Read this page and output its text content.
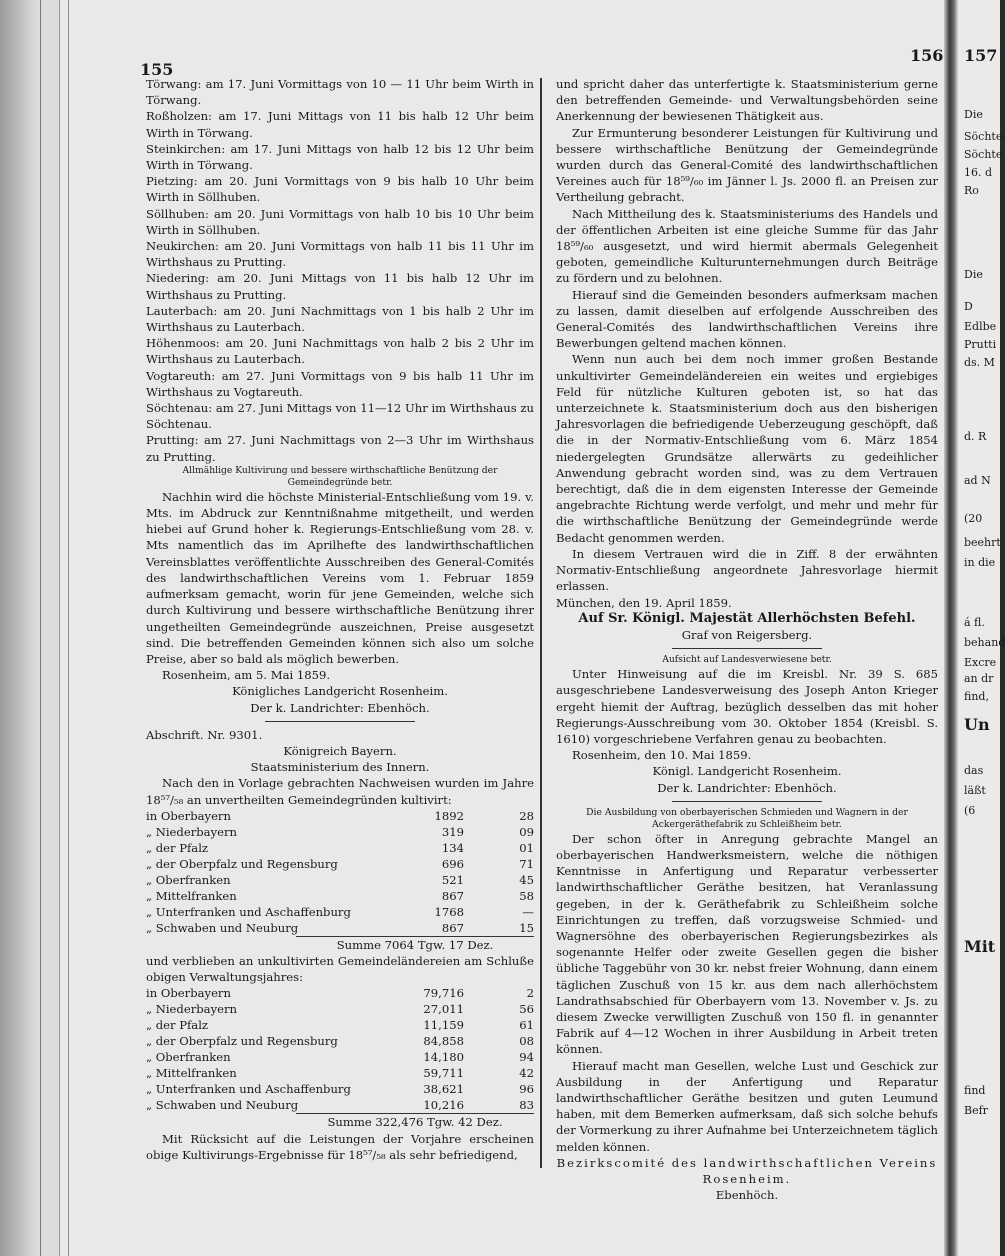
155
156

Törwang: am 17. Juni Vormittags von 10 — 11 Uhr beim Wirth in Törwang.

Roßholzen: am 17. Juni Mittags von 11 bis halb 12 Uhr beim Wirth in Törwang.

Steinkirchen: am 17. Juni Mittags von halb 12 bis 12 Uhr beim Wirth in Törwang.

Pietzing: am 20. Juni Vormittags von 9 bis halb 10 Uhr beim Wirth in Söllhuben.

Söllhuben: am 20. Juni Vormittags von halb 10 bis 10 Uhr beim Wirth in Söllhuben.

Neukirchen: am 20. Juni Vormittags von halb 11 bis 11 Uhr im Wirthshaus zu Prutting.

Niedering: am 20. Juni Mittags von 11 bis halb 12 Uhr im Wirthshaus zu Prutting.

Lauterbach: am 20. Juni Nachmittags von 1 bis halb 2 Uhr im Wirthshaus zu Lauterbach.

Höhenmoos: am 20. Juni Nachmittags von halb 2 bis 2 Uhr im Wirthshaus zu Lauterbach.

Vogtareuth: am 27. Juni Vormittags von 9 bis halb 11 Uhr im Wirthshaus zu Vogtareuth.

Söchtenau: am 27. Juni Mittags von 11—12 Uhr im Wirthshaus zu Söchtenau.

Prutting: am 27. Juni Nachmittags von 2—3 Uhr im Wirthshaus zu Prutting.

Allmählige Kultivirung und bessere wirthschaftliche Benützung der Gemeindegründe betr.

Nachhin wird die höchste Ministerial-Entschließung vom 19. v. Mts. im Abdruck zur Kenntnißnahme mitgetheilt, und werden hiebei auf Grund hoher k. Regierungs-Entschließung vom 28. v. Mts namentlich das im Aprilhefte des landwirthschaftlichen Vereinsblattes veröffentlichte Ausschreiben des General-Comités des landwirthschaftlichen Vereins vom 1. Februar 1859 aufmerksam gemacht, worin für jene Gemeinden, welche sich durch Kultivirung und bessere wirthschaftliche Benützung ihrer ungetheilten Gemeindegründe auszeichnen, Preise ausgesetzt sind. Die betreffenden Gemeinden können sich also um solche Preise, aber so bald als möglich bewerben.

Rosenheim, am 5. Mai 1859.

Königliches Landgericht Rosenheim.

Der k. Landrichter: Ebenhöch.

Abschrift. Nr. 9301.

Königreich Bayern.

Staatsministerium des Innern.

Nach den in Vorlage gebrachten Nachweisen wurden im Jahre 18⁵⁷/₅₈ an unvertheilten Gemeindegründen kultivirt:

in Oberbayern	1892	28
„ Niederbayern	319	09
„ der Pfalz	134	01
„ der Oberpfalz und Regensburg	696	71
„ Oberfranken	521	45
„ Mittelfranken	867	58
„ Unterfranken und Aschaffenburg	1768	—
„ Schwaben und Neuburg	867	15

Summe 7064 Tgw. 17 Dez.

und verblieben an unkultivirten Gemeindeländereien am Schluße obigen Verwaltungsjahres:

in Oberbayern	79,716	2
„ Niederbayern	27,011	56
„ der Pfalz	11,159	61
„ der Oberpfalz und Regensburg	84,858	08
„ Oberfranken	14,180	94
„ Mittelfranken	59,711	42
„ Unterfranken und Aschaffenburg	38,621	96
„ Schwaben und Neuburg	10,216	83

Summe 322,476 Tgw. 42 Dez.

Mit Rücksicht auf die Leistungen der Vorjahre erscheinen obige Kultivirungs-Ergebnisse für 18⁵⁷/₅₈ als sehr befriedigend,

und spricht daher das unterfertigte k. Staatsministerium gerne den betreffenden Gemeinde- und Verwaltungsbehörden seine Anerkennung der bewiesenen Thätigkeit aus.

Zur Ermunterung besonderer Leistungen für Kultivirung und bessere wirthschaftliche Benützung der Gemeindegründe wurden durch das General-Comité des landwirthschaftlichen Vereines auch für 18⁵⁹/₆₀ im Jänner l. Js. 2000 fl. an Preisen zur Vertheilung gebracht.

Nach Mittheilung des k. Staatsministeriums des Handels und der öffentlichen Arbeiten ist eine gleiche Summe für das Jahr 18⁵⁹/₆₀ ausgesetzt, und wird hiermit abermals Gelegenheit geboten, gemeindliche Kulturunternehmungen durch Beiträge zu fördern und zu belohnen.

Hierauf sind die Gemeinden besonders aufmerksam machen zu lassen, damit dieselben auf erfolgende Ausschreiben des General-Comités des landwirthschaftlichen Vereins ihre Bewerbungen geltend machen können.

Wenn nun auch bei dem noch immer großen Bestande unkultivirter Gemeindeländereien ein weites und ergiebiges Feld für nützliche Kulturen geboten ist, so hat das unterzeichnete k. Staatsministerium doch aus den bisherigen Jahresvorlagen die befriedigende Ueberzeugung geschöpft, daß die in der Normativ-Entschließung vom 6. März 1854 niedergelegten Grundsätze allerwärts zu gedeihlicher Anwendung gebracht worden sind, was zu dem Vertrauen berechtigt, daß die in dem eigensten Interesse der Gemeinde angebrachte Richtung werde verfolgt, und mehr und mehr für die wirthschaftliche Benützung der Gemeindegründe werde Bedacht genommen werden.

In diesem Vertrauen wird die in Ziff. 8 der erwähnten Normativ-Entschließung angeordnete Jahresvorlage hiermit erlassen.

München, den 19. April 1859.

Auf Sr. Königl. Majestät Allerhöchsten Befehl.

Graf von Reigersberg.

Aufsicht auf Landesverwiesene betr.

Unter Hinweisung auf die im Kreisbl. Nr. 39 S. 685 ausgeschriebene Landesverweisung des Joseph Anton Krieger ergeht hiemit der Auftrag, bezüglich desselben das mit hoher Regierungs-Ausschreibung vom 30. Oktober 1854 (Kreisbl. S. 1610) vorgeschriebene Verfahren genau zu beobachten.

Rosenheim, den 10. Mai 1859.

Königl. Landgericht Rosenheim.

Der k. Landrichter: Ebenhöch.

Die Ausbildung von oberbayerischen Schmieden und Wagnern in der Ackergeräthefabrik zu Schleißheim betr.

Der schon öfter in Anregung gebrachte Mangel an oberbayerischen Handwerksmeistern, welche die nöthigen Kenntnisse in Anfertigung und Reparatur verbesserter landwirthschaftlicher Geräthe besitzen, hat Veranlassung gegeben, in der k. Geräthefabrik zu Schleißheim solche Einrichtungen zu treffen, daß vorzugsweise Schmied- und Wagnersöhne des oberbayerischen Regierungsbezirkes als sogenannte Helfer oder zweite Gesellen gegen die bisher übliche Taggebühr von 30 kr. nebst freier Wohnung, dann einem täglichen Zuschuß von 15 kr. aus dem nach allerhöchstem Landrathsabschied für Oberbayern vom 13. November v. Js. zu diesem Zwecke verwilligten Zuschuß von 150 fl. in genannter Fabrik auf 4—12 Wochen in ihrer Ausbildung in Arbeit treten können.

Hierauf macht man Gesellen, welche Lust und Geschick zur Ausbildung in der Anfertigung und Reparatur landwirthschaftlicher Geräthe besitzen und guten Leumund haben, mit dem Bemerken aufmerksam, daß sich solche behufs der Vormerkung zu ihrer Aufnahme bei Unterzeichnetem täglich melden können.

Bezirkscomité des landwirthschaftlichen Vereins Rosenheim.

Ebenhöch.

157
Die
Söchte
Söchte
16. d
Ro
Die
D
Edlbe
Prutti
ds. M
d. R
ad N
(20
beehrt
in die
á fl.
behand
Excre
an dr
find,
Un
das
läßt
(6
Mit
find
Befr
